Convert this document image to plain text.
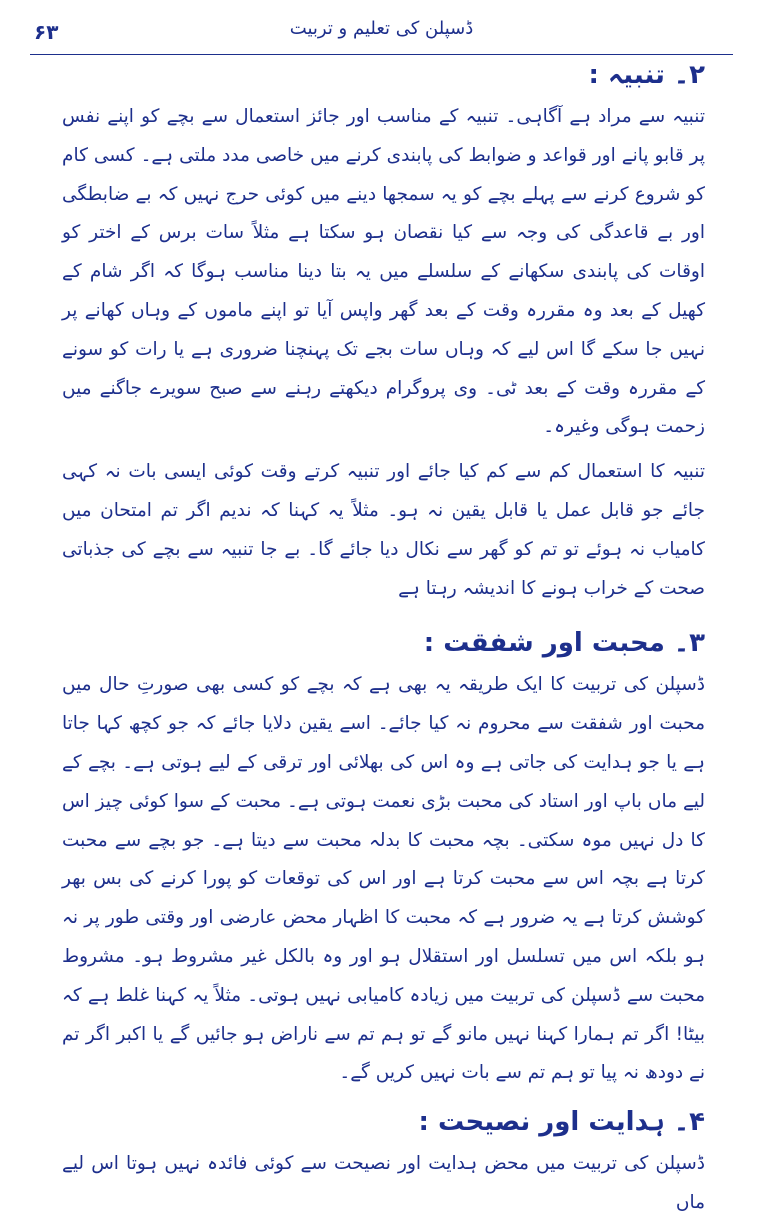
۶۳	ڈسپلن کی تعلیم و تربیت
۲۔ تنبیہ :

تنبیہ سے مراد ہے آگاہی۔ تنبیہ کے مناسب اور جائز استعمال سے بچے کو اپنے نفس پر قابو پانے اور قواعد و ضوابط کی پابندی کرنے میں خاصی مدد ملتی ہے۔ کسی کام کو شروع کرنے سے پہلے بچے کو یہ سمجھا دینے میں کوئی حرج نہیں کہ بے ضابطگی اور بے قاعدگی کی وجہ سے کیا نقصان ہو سکتا ہے مثلاً سات برس کے اختر کو اوقات کی پابندی سکھانے کے سلسلے میں یہ بتا دینا مناسب ہوگا کہ اگر شام کے کھیل کے بعد وہ مقررہ وقت کے بعد گھر واپس آیا تو اپنے ماموں کے وہاں کھانے پر نہیں جا سکے گا اس لیے کہ وہاں سات بجے تک پہنچنا ضروری ہے یا رات کو سونے کے مقررہ وقت کے بعد ٹی۔ وی پروگرام دیکھتے رہنے سے صبح سویرے جاگنے میں زحمت ہوگی وغیرہ۔

تنبیہ کا استعمال کم سے کم کیا جائے اور تنبیہ کرتے وقت کوئی ایسی بات نہ کہی جائے جو قابل عمل یا قابل یقین نہ ہو۔ مثلاً یہ کہنا کہ ندیم اگر تم امتحان میں کامیاب نہ ہوئے تو تم کو گھر سے نکال دیا جائے گا۔ بے جا تنبیہ سے بچے کی جذباتی صحت کے خراب ہونے کا اندیشہ رہتا ہے

۳۔ محبت اور شفقت :

ڈسپلن کی تربیت کا ایک طریقہ یہ بھی ہے کہ بچے کو کسی بھی صورتِ حال میں محبت اور شفقت سے محروم نہ کیا جائے۔ اسے یقین دلایا جائے کہ جو کچھ کہا جاتا ہے یا جو ہدایت کی جاتی ہے وہ اس کی بھلائی اور ترقی کے لیے ہوتی ہے۔ بچے کے لیے ماں باپ اور استاد کی محبت بڑی نعمت ہوتی ہے۔ محبت کے سوا کوئی چیز اس کا دل نہیں موہ سکتی۔ بچہ محبت کا بدلہ محبت سے دیتا ہے۔ جو بچے سے محبت کرتا ہے بچہ اس سے محبت کرتا ہے اور اس کی توقعات کو پورا کرنے کی بس بھر کوشش کرتا ہے یہ ضرور ہے کہ محبت کا اظہار محض عارضی اور وقتی طور پر نہ ہو بلکہ اس میں تسلسل اور استقلال ہو اور وہ بالکل غیر مشروط ہو۔ مشروط محبت سے ڈسپلن کی تربیت میں زیادہ کامیابی نہیں ہوتی۔ مثلاً یہ کہنا غلط ہے کہ بیٹا! اگر تم ہمارا کہنا نہیں مانو گے تو ہم تم سے ناراض ہو جائیں گے یا اکبر اگر تم نے دودھ نہ پیا تو ہم تم سے بات نہیں کریں گے۔

۴۔ ہدایت اور نصیحت :

ڈسپلن کی تربیت میں محض ہدایت اور نصیحت سے کوئی فائدہ نہیں ہوتا اس لیے ماں
